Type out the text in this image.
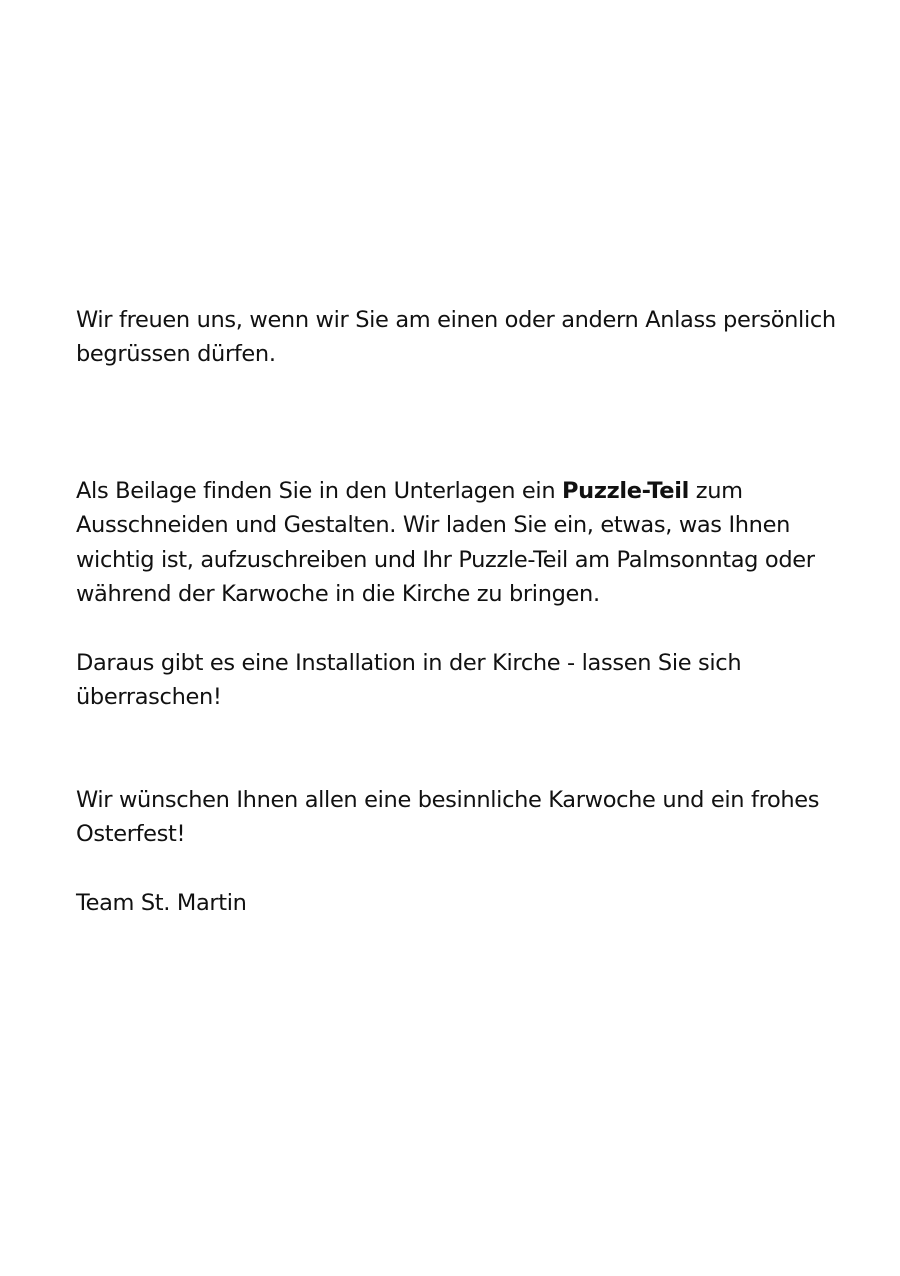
Wir freuen uns, wenn wir Sie am einen oder andern Anlass persönlich
begrüssen dürfen.

Als Beilage finden Sie in den Unterlagen ein Puzzle-Teil zum
Ausschneiden und Gestalten. Wir laden Sie ein, etwas, was Ihnen
wichtig ist, aufzuschreiben und Ihr Puzzle-Teil am Palmsonntag oder
während der Karwoche in die Kirche zu bringen.

Daraus gibt es eine Installation in der Kirche - lassen Sie sich
überraschen!

Wir wünschen Ihnen allen eine besinnliche Karwoche und ein frohes
Osterfest!

Team St. Martin
